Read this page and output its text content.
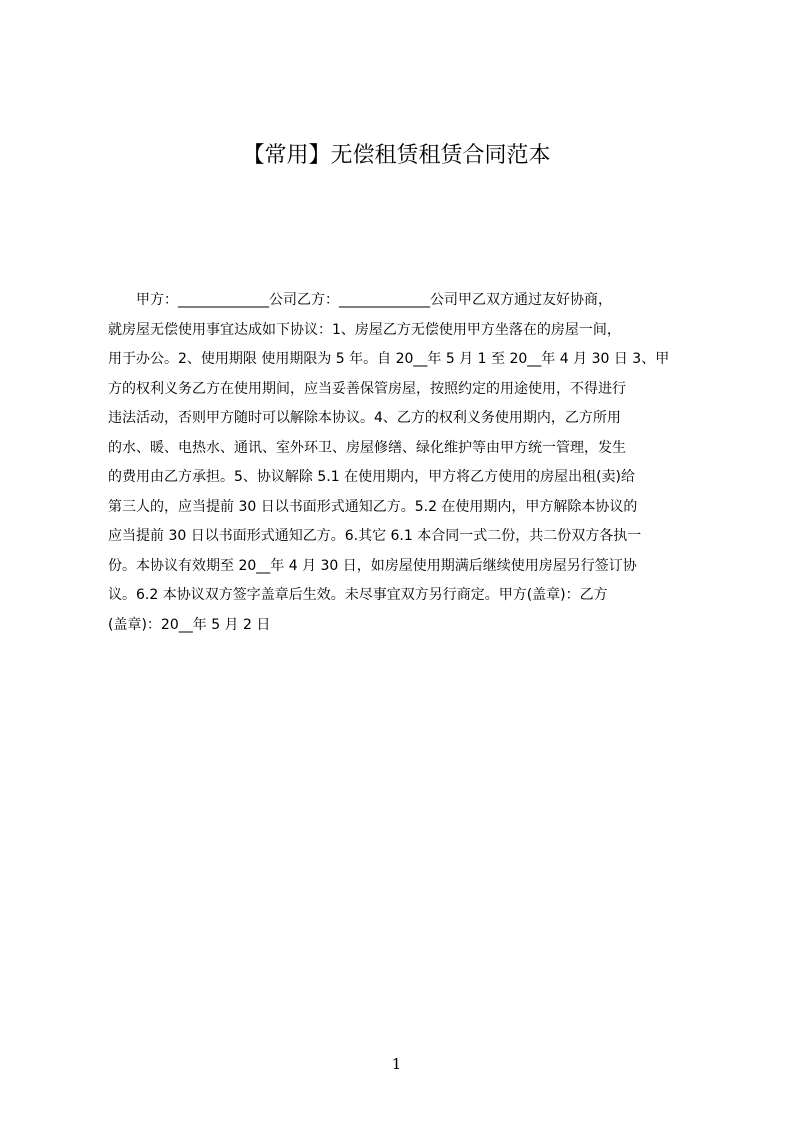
【常用】无偿租赁租赁合同范本
　　甲方：_____________公司乙方：_____________公司甲乙双方通过友好协商，
就房屋无偿使用事宜达成如下协议：1、房屋乙方无偿使用甲方坐落在的房屋一间，
用于办公。2、使用期限 使用期限为 5 年。自 20__年 5 月 1 至 20__年 4 月 30 日 3、甲
方的权利义务乙方在使用期间，应当妥善保管房屋，按照约定的用途使用，不得进行
违法活动，否则甲方随时可以解除本协议。4、乙方的权利义务使用期内，乙方所用
的水、暖、电热水、通讯、室外环卫、房屋修缮、绿化维护等由甲方统一管理，发生
的费用由乙方承担。5、协议解除 5.1 在使用期内，甲方将乙方使用的房屋出租(卖)给
第三人的，应当提前 30 日以书面形式通知乙方。5.2 在使用期内，甲方解除本协议的
应当提前 30 日以书面形式通知乙方。6.其它 6.1 本合同一式二份，共二份双方各执一
份。本协议有效期至 20__年 4 月 30 日，如房屋使用期满后继续使用房屋另行签订协
议。6.2 本协议双方签字盖章后生效。未尽事宜双方另行商定。甲方(盖章)：乙方
(盖章)：20__年 5 月 2 日
1
